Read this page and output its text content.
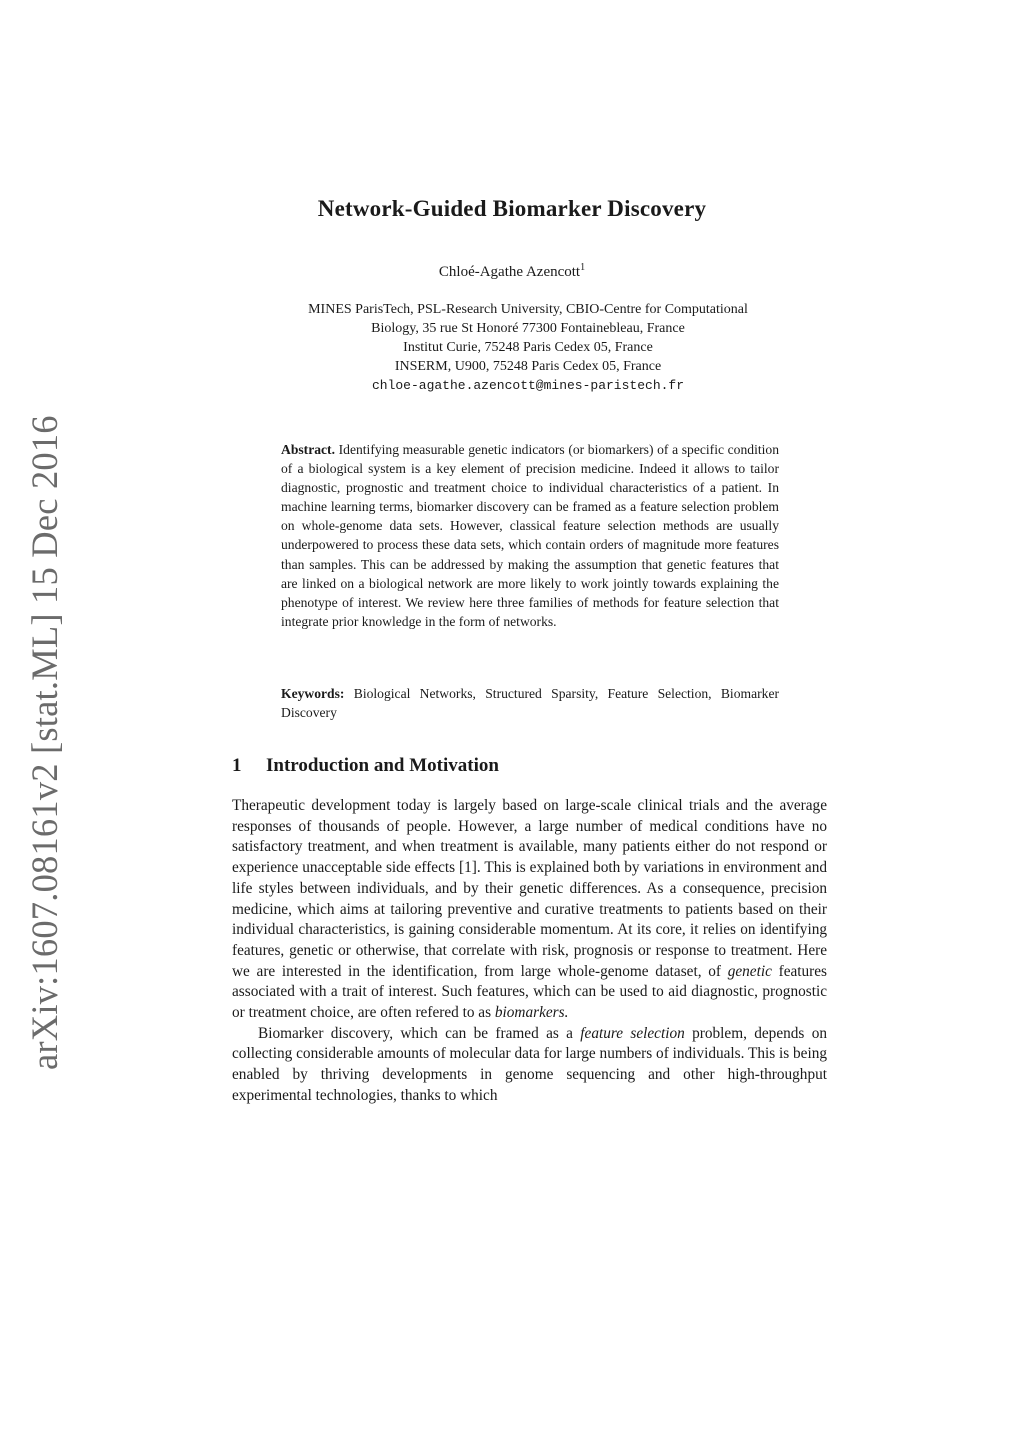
arXiv:1607.08161v2 [stat.ML] 15 Dec 2016
Network-Guided Biomarker Discovery
Chloé-Agathe Azencott$^1$
MINES ParisTech, PSL-Research University, CBIO-Centre for Computational
Biology, 35 rue St Honoré 77300 Fontainebleau, France
Institut Curie, 75248 Paris Cedex 05, France
INSERM, U900, 75248 Paris Cedex 05, France
chloe-agathe.azencott@mines-paristech.fr
Abstract. Identifying measurable genetic indicators (or biomarkers) of a specific condition of a biological system is a key element of precision medicine. Indeed it allows to tailor diagnostic, prognostic and treatment choice to individual characteristics of a patient. In machine learning terms, biomarker discovery can be framed as a feature selection problem on whole-genome data sets. However, classical feature selection methods are usually underpowered to process these data sets, which contain orders of magnitude more features than samples. This can be addressed by making the assumption that genetic features that are linked on a biological network are more likely to work jointly towards explaining the phenotype of interest. We review here three families of methods for feature selection that integrate prior knowledge in the form of networks.
Keywords: Biological Networks, Structured Sparsity, Feature Selection, Biomarker Discovery
1 Introduction and Motivation

Therapeutic development today is largely based on large-scale clinical trials and the average responses of thousands of people. However, a large number of medical conditions have no satisfactory treatment, and when treatment is available, many patients either do not respond or experience unacceptable side effects [1]. This is explained both by variations in environment and life styles between individuals, and by their genetic differences. As a consequence, precision medicine, which aims at tailoring preventive and curative treatments to patients based on their individual characteristics, is gaining considerable momentum. At its core, it relies on identifying features, genetic or otherwise, that correlate with risk, prognosis or response to treatment. Here we are interested in the identification, from large whole-genome dataset, of genetic features associated with a trait of interest. Such features, which can be used to aid diagnostic, prognostic or treatment choice, are often refered to as biomarkers.

Biomarker discovery, which can be framed as a feature selection problem, depends on collecting considerable amounts of molecular data for large numbers of individuals. This is being enabled by thriving developments in genome sequencing and other high-throughput experimental technologies, thanks to which
